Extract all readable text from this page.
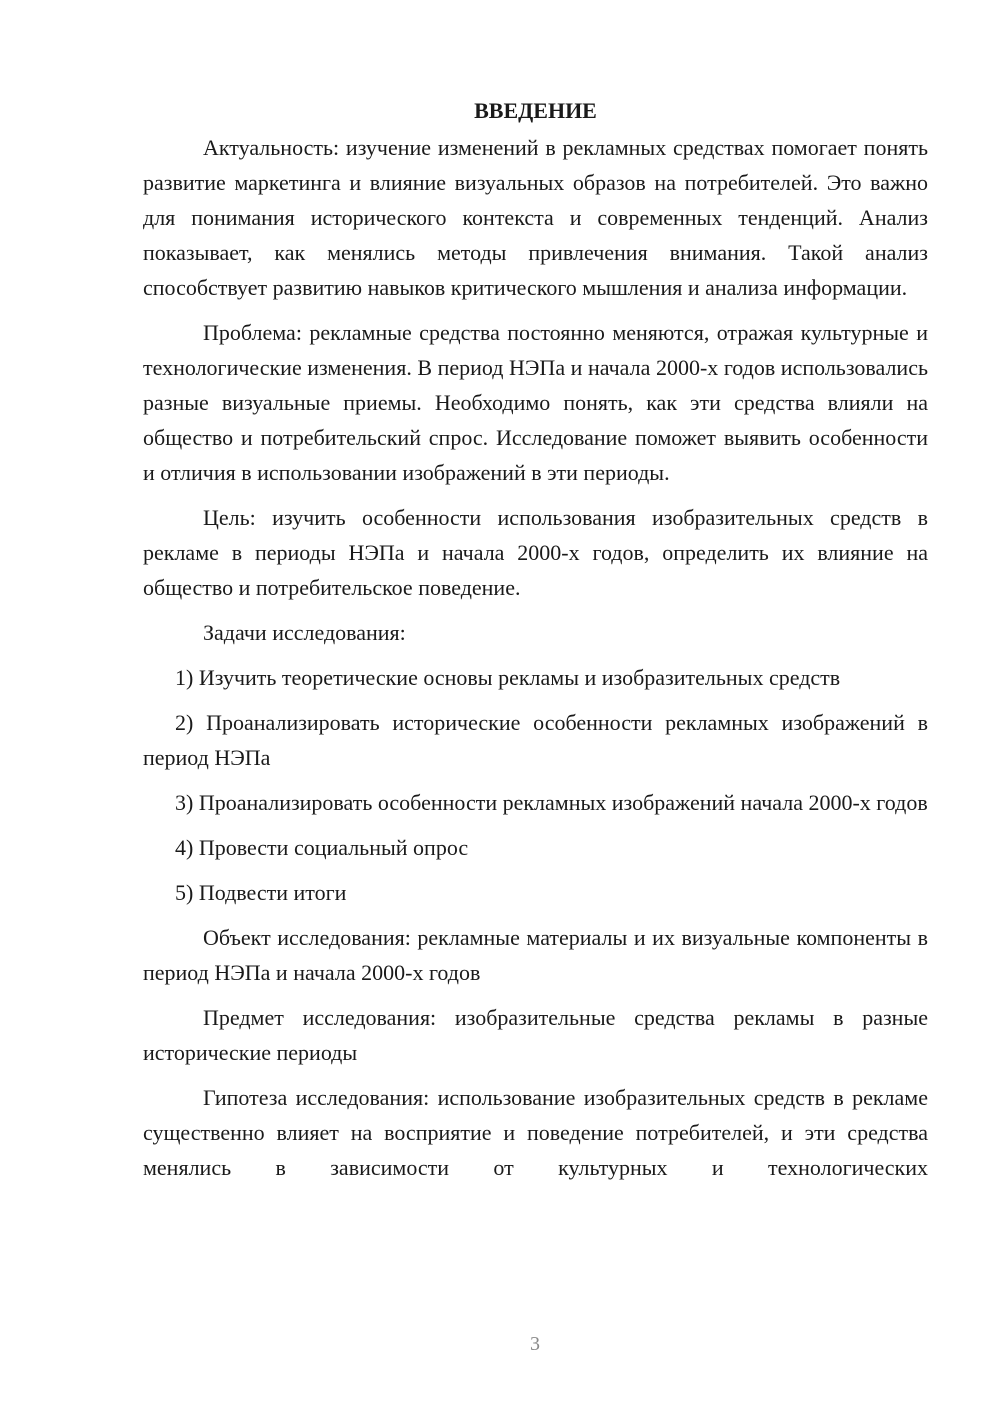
ВВЕДЕНИЕ

Актуальность: изучение изменений в рекламных средствах помогает понять развитие маркетинга и влияние визуальных образов на потребителей. Это важно для понимания исторического контекста и современных тенденций. Анализ показывает, как менялись методы привлечения внимания. Такой анализ способствует развитию навыков критического мышления и анализа информации.

Проблема: рекламные средства постоянно меняются, отражая культурные и технологические изменения. В период НЭПа и начала 2000-х годов использовались разные визуальные приемы. Необходимо понять, как эти средства влияли на общество и потребительский спрос. Исследование поможет выявить особенности и отличия в использовании изображений в эти периоды.

Цель: изучить особенности использования изобразительных средств в рекламе в периоды НЭПа и начала 2000-х годов, определить их влияние на общество и потребительское поведение.

Задачи исследования:

1) Изучить теоретические основы рекламы и изобразительных средств

2) Проанализировать исторические особенности рекламных изображений в период НЭПа

3) Проанализировать особенности рекламных изображений начала 2000-х годов

4) Провести социальный опрос

5) Подвести итоги

Объект исследования: рекламные материалы и их визуальные компоненты в период НЭПа и начала 2000-х годов

Предмет исследования: изобразительные средства рекламы в разные исторические периоды

Гипотеза исследования: использование изобразительных средств в рекламе существенно влияет на восприятие и поведение потребителей, и эти средства менялись в зависимости от культурных и технологических

3
